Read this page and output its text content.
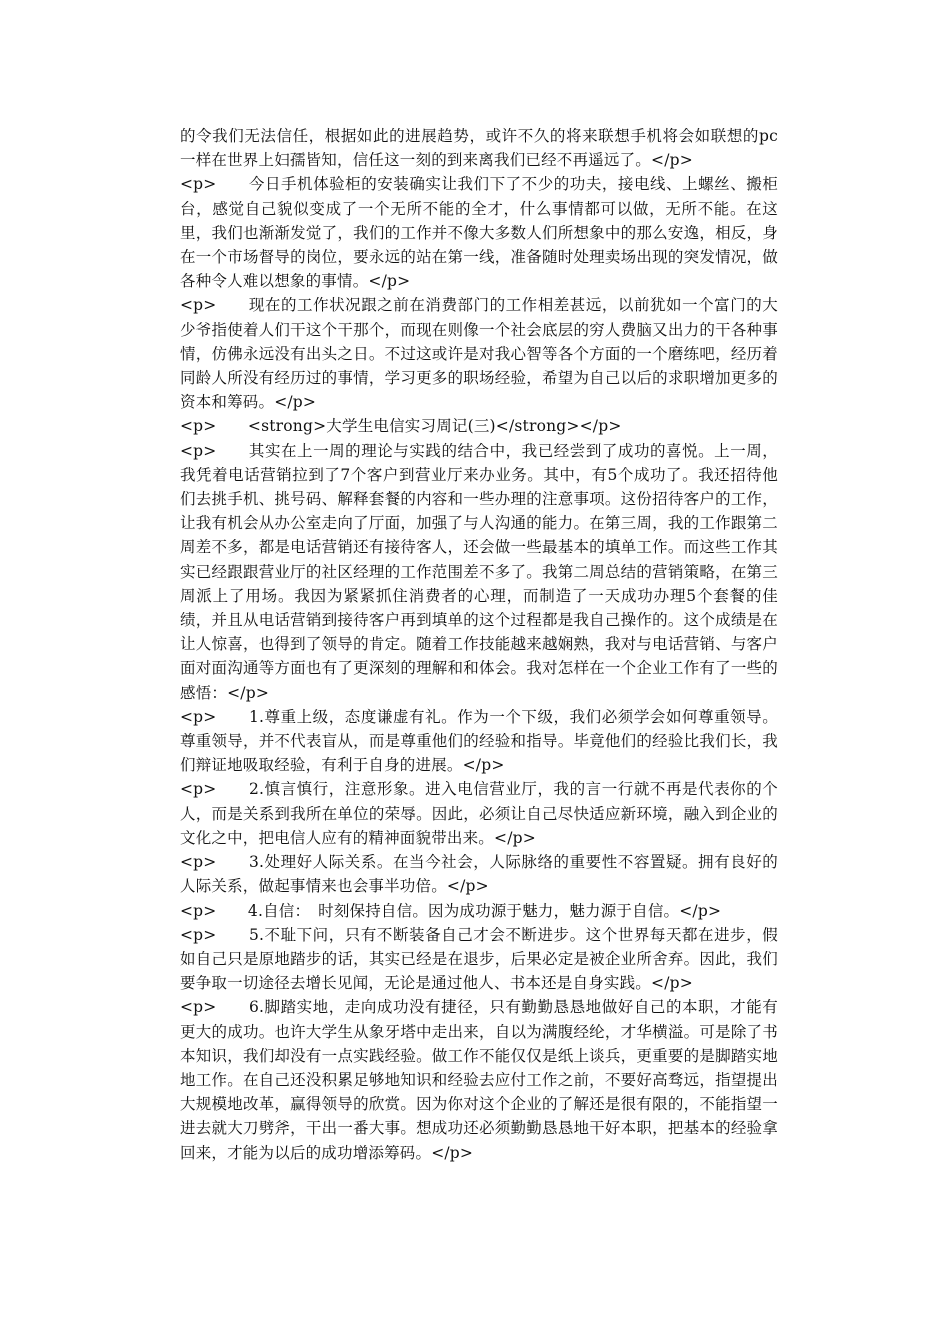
的令我们无法信任，根据如此的进展趋势，或许不久的将来联想手机将会如联想的pc一样在世界上妇孺皆知，信任这一刻的到来离我们已经不再遥远了。</p>

<p>　　今日手机体验柜的安装确实让我们下了不少的功夫，接电线、上螺丝、搬柜台，感觉自己貌似变成了一个无所不能的全才，什么事情都可以做，无所不能。在这里，我们也渐渐发觉了，我们的工作并不像大多数人们所想象中的那么安逸，相反，身在一个市场督导的岗位，要永远的站在第一线，准备随时处理卖场出现的突发情况，做各种令人难以想象的事情。</p>

<p>　　现在的工作状况跟之前在消费部门的工作相差甚远，以前犹如一个富门的大少爷指使着人们干这个干那个，而现在则像一个社会底层的穷人费脑又出力的干各种事情，仿佛永远没有出头之日。不过这或许是对我心智等各个方面的一个磨练吧，经历着同龄人所没有经历过的事情，学习更多的职场经验，希望为自己以后的求职增加更多的资本和筹码。</p>

<p>　　<strong>大学生电信实习周记(三)</strong></p>

<p>　　其实在上一周的理论与实践的结合中，我已经尝到了成功的喜悦。上一周，我凭着电话营销拉到了7个客户到营业厅来办业务。其中，有5个成功了。我还招待他们去挑手机、挑号码、解释套餐的内容和一些办理的注意事项。这份招待客户的工作，让我有机会从办公室走向了厅面，加强了与人沟通的能力。在第三周，我的工作跟第二周差不多，都是电话营销还有接待客人，还会做一些最基本的填单工作。而这些工作其实已经跟跟营业厅的社区经理的工作范围差不多了。我第二周总结的营销策略，在第三周派上了用场。我因为紧紧抓住消费者的心理，而制造了一天成功办理5个套餐的佳绩，并且从电话营销到接待客户再到填单的这个过程都是我自己操作的。这个成绩是在让人惊喜，也得到了领导的肯定。随着工作技能越来越娴熟，我对与电话营销、与客户面对面沟通等方面也有了更深刻的理解和和体会。我对怎样在一个企业工作有了一些的感悟：</p>

<p>　　1.尊重上级，态度谦虚有礼。作为一个下级，我们必须学会如何尊重领导。尊重领导，并不代表盲从，而是尊重他们的经验和指导。毕竟他们的经验比我们长，我们辩证地吸取经验，有利于自身的进展。</p>

<p>　　2.慎言慎行，注意形象。进入电信营业厅，我的言一行就不再是代表你的个人，而是关系到我所在单位的荣辱。因此，必须让自己尽快适应新环境，融入到企业的文化之中，把电信人应有的精神面貌带出来。</p>

<p>　　3.处理好人际关系。在当今社会，人际脉络的重要性不容置疑。拥有良好的人际关系，做起事情来也会事半功倍。</p>

<p>　　4.自信：　时刻保持自信。因为成功源于魅力，魅力源于自信。</p>

<p>　　5.不耻下问，只有不断装备自己才会不断进步。这个世界每天都在进步，假如自己只是原地踏步的话，其实已经是在退步，后果必定是被企业所舍弃。因此，我们要争取一切途径去增长见闻，无论是通过他人、书本还是自身实践。</p>

<p>　　6.脚踏实地，走向成功没有捷径，只有勤勤恳恳地做好自己的本职，才能有更大的成功。也许大学生从象牙塔中走出来，自以为满腹经纶，才华横溢。可是除了书本知识，我们却没有一点实践经验。做工作不能仅仅是纸上谈兵，更重要的是脚踏实地地工作。在自己还没积累足够地知识和经验去应付工作之前，不要好高骛远，指望提出大规模地改革，赢得领导的欣赏。因为你对这个企业的了解还是很有限的，不能指望一进去就大刀劈斧，干出一番大事。想成功还必须勤勤恳恳地干好本职，把基本的经验拿回来，才能为以后的成功增添筹码。</p>
